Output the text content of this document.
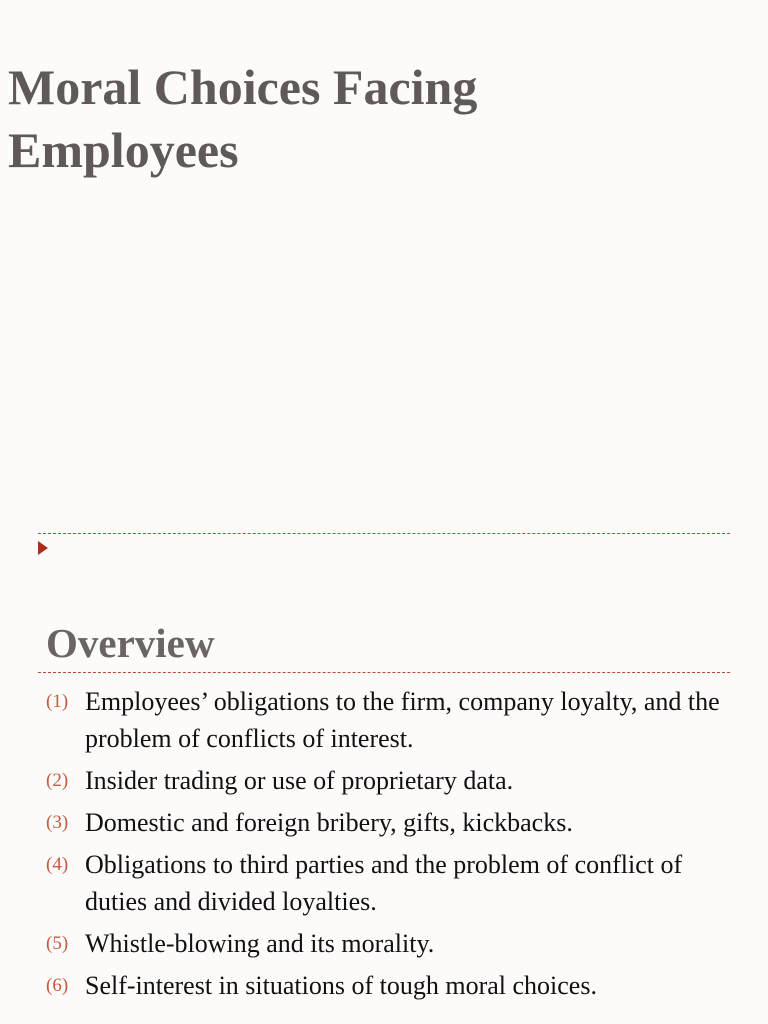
Moral Choices Facing Employees
Overview
(1) Employees’ obligations to the firm, company loyalty, and the problem of conflicts of interest.
(2) Insider trading or use of proprietary data.
(3) Domestic and foreign bribery, gifts, kickbacks.
(4) Obligations to third parties and the problem of conflict of duties and divided loyalties.
(5) Whistle-blowing and its morality.
(6) Self-interest in situations of tough moral choices.
